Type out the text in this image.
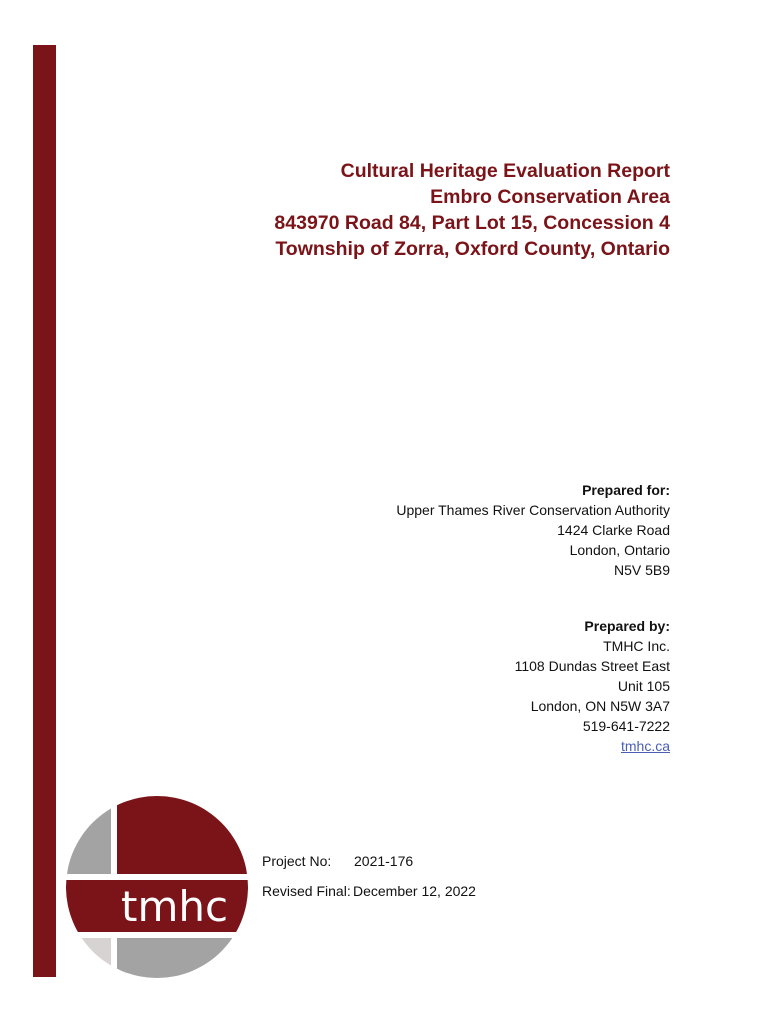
Cultural Heritage Evaluation Report
Embro Conservation Area
843970 Road 84, Part Lot 15, Concession 4
Township of Zorra, Oxford County, Ontario
Prepared for:
Upper Thames River Conservation Authority
1424 Clarke Road
London, Ontario
N5V 5B9
Prepared by:
TMHC Inc.
1108 Dundas Street East
Unit 105
London, ON N5W 3A7
519-641-7222
tmhc.ca
tmhc
Project No:	2021-176
Revised Final: December 12, 2022
